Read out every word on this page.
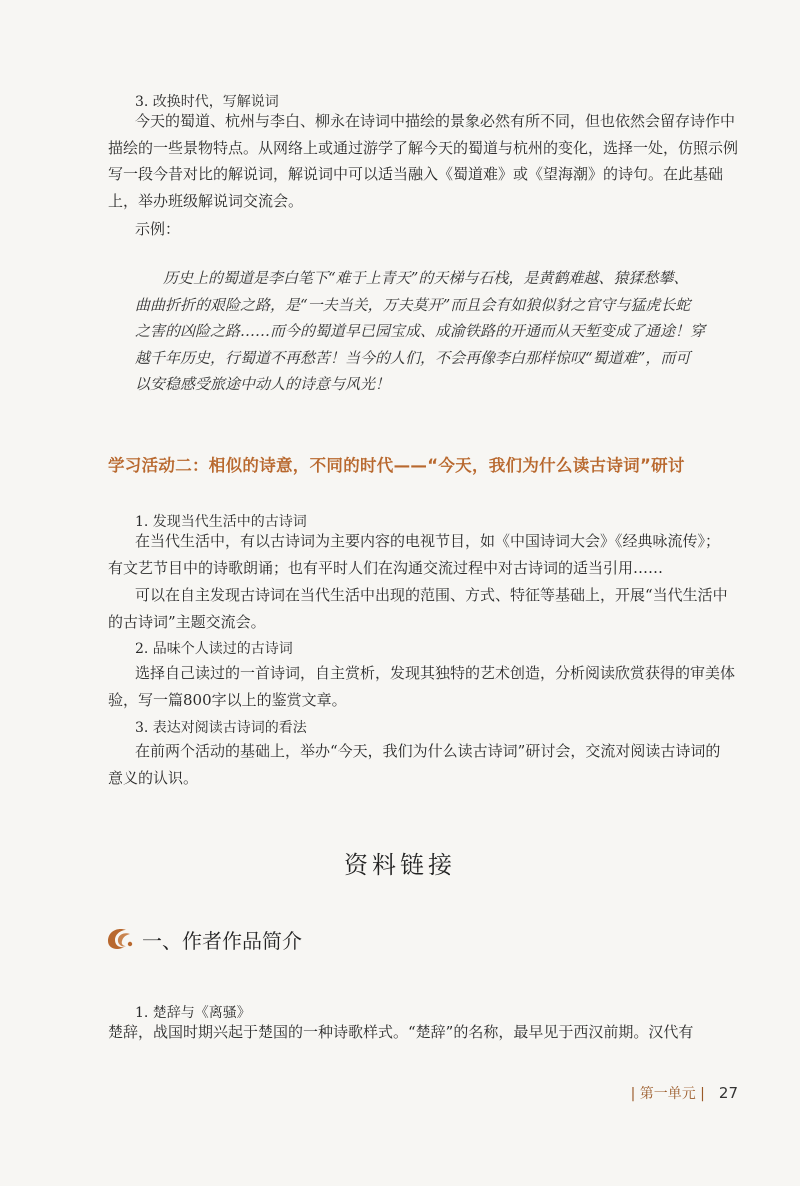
3. 改换时代，写解说词
今天的蜀道、杭州与李白、柳永在诗词中描绘的景象必然有所不同，但也依然会留存诗作中
描绘的一些景物特点。从网络上或通过游学了解今天的蜀道与杭州的变化，选择一处，仿照示例
写一段今昔对比的解说词，解说词中可以适当融入《蜀道难》或《望海潮》的诗句。在此基础
上，举办班级解说词交流会。
示例：
历史上的蜀道是李白笔下“难于上青天”的天梯与石栈，是黄鹤难越、猿猱愁攀、
曲曲折折的艰险之路，是“一夫当关，万夫莫开”而且会有如狼似豺之官守与猛虎长蛇
之害的凶险之路……而今的蜀道早已园宝成、成渝铁路的开通而从天堑变成了通途！穿
越千年历史，行蜀道不再愁苦！当今的人们，不会再像李白那样惊叹“蜀道难”，而可
以安稳感受旅途中动人的诗意与风光！
学习活动二：相似的诗意，不同的时代——“今天，我们为什么读古诗词”研讨
1. 发现当代生活中的古诗词
在当代生活中，有以古诗词为主要内容的电视节目，如《中国诗词大会》《经典咏流传》；
有文艺节目中的诗歌朗诵；也有平时人们在沟通交流过程中对古诗词的适当引用……
可以在自主发现古诗词在当代生活中出现的范围、方式、特征等基础上，开展“当代生活中
的古诗词”主题交流会。
2. 品味个人读过的古诗词
选择自己读过的一首诗词，自主赏析，发现其独特的艺术创造，分析阅读欣赏获得的审美体
验，写一篇800字以上的鉴赏文章。
3. 表达对阅读古诗词的看法
在前两个活动的基础上，举办“今天，我们为什么读古诗词”研讨会，交流对阅读古诗词的
意义的认识。
资料链接
一、作者作品简介
1. 楚辞与《离骚》
楚辞，战国时期兴起于楚国的一种诗歌样式。“楚辞”的名称，最早见于西汉前期。汉代有
| 第一单元 | 27
